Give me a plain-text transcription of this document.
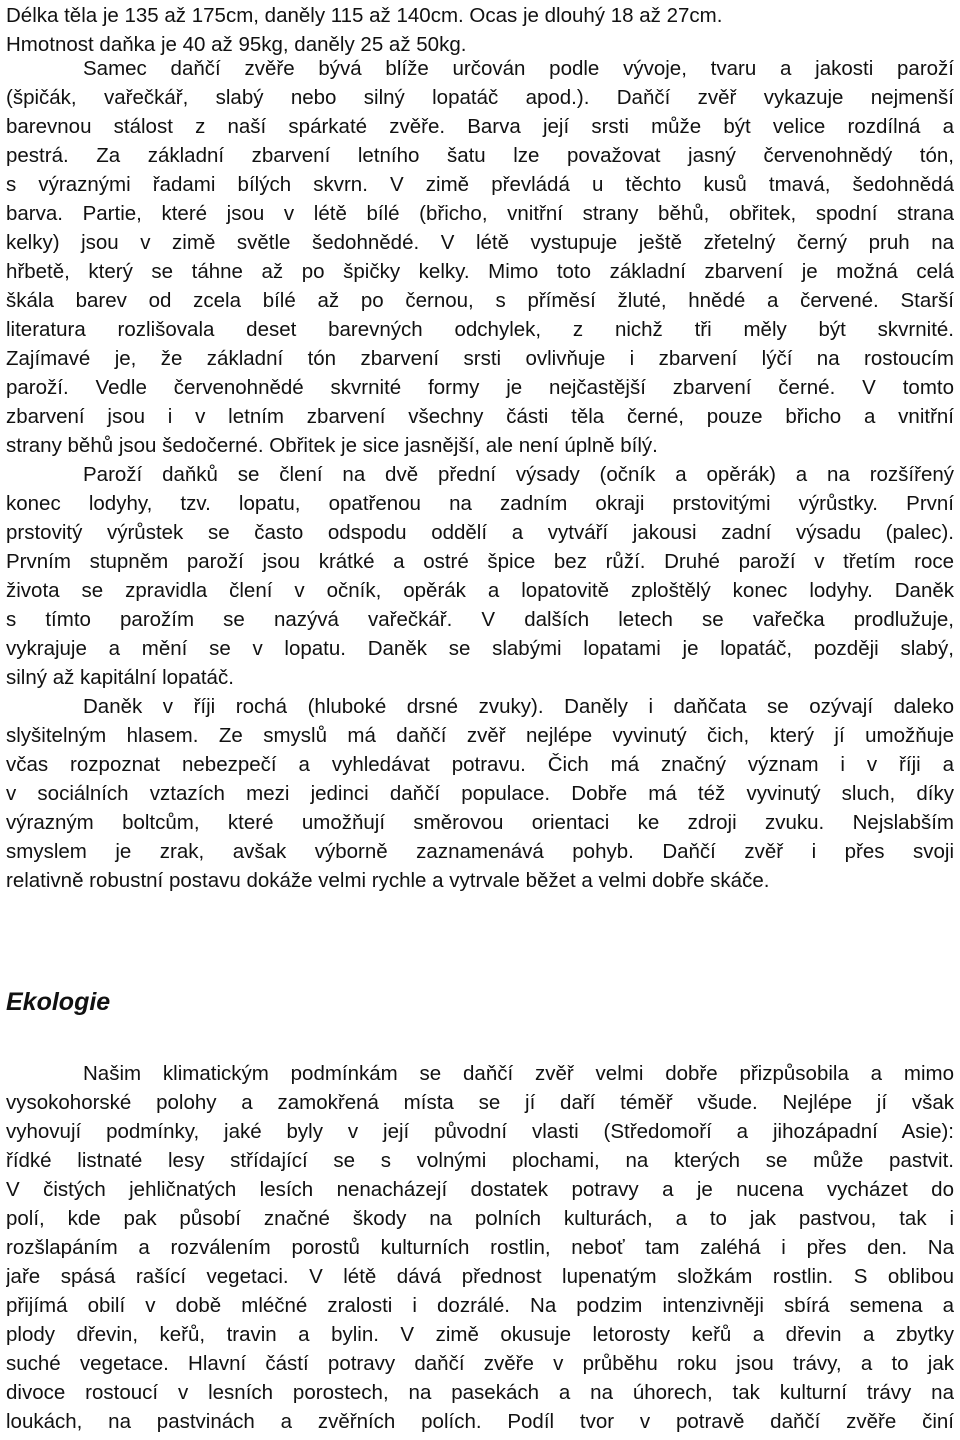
Délka těla je 135 až 175cm, daněly 115 až 140cm. Ocas je dlouhý 18 až 27cm.
Hmotnost daňka je 40 až 95kg, daněly 25 až 50kg.
Samec daňčí zvěře bývá blíže určován podle vývoje, tvaru a jakosti paroží
(špičák, vařečkář, slabý nebo silný lopatáč apod.). Daňčí zvěř vykazuje nejmenší
barevnou stálost z naší spárkaté zvěře. Barva její srsti může být velice rozdílná a
pestrá. Za základní zbarvení letního šatu lze považovat jasný červenohnědý tón,
s výraznými řadami bílých skvrn. V zimě převládá u těchto kusů tmavá, šedohnědá
barva. Partie, které jsou v létě bílé (břicho, vnitřní strany běhů, obřitek, spodní strana
kelky) jsou v zimě světle šedohnědé. V létě vystupuje ještě zřetelný černý pruh na
hřbetě, který se táhne až po špičky kelky. Mimo toto základní zbarvení je možná celá
škála barev od zcela bílé až po černou, s příměsí žluté, hnědé a červené. Starší
literatura rozlišovala deset barevných odchylek, z nichž tři měly být skvrnité.
Zajímavé je, že základní tón zbarvení srsti ovlivňuje i zbarvení lýčí na rostoucím
paroží. Vedle červenohnědé skvrnité formy je nejčastější zbarvení černé. V tomto
zbarvení jsou i v letním zbarvení všechny části těla černé, pouze břicho a vnitřní
strany běhů jsou šedočerné. Obřitek je sice jasnější, ale není úplně bílý.
Paroží daňků se člení na dvě přední výsady (očník a opěrák) a na rozšířený
konec lodyhy, tzv. lopatu, opatřenou na zadním okraji prstovitými výrůstky. První
prstovitý výrůstek se často odspodu oddělí a vytváří jakousi zadní výsadu (palec).
Prvním stupněm paroží jsou krátké a ostré špice bez růží. Druhé paroží v třetím roce
života se zpravidla člení v očník, opěrák a lopatovitě zploštělý konec lodyhy. Daněk
s tímto parožím se nazývá vařečkář. V dalších letech se vařečka prodlužuje,
vykrajuje a mění se v lopatu. Daněk se slabými lopatami je lopatáč, později slabý,
silný až kapitální lopatáč.
Daněk v říji rochá (hluboké drsné zvuky). Daněly i daňčata se ozývají daleko
slyšitelným hlasem. Ze smyslů má daňčí zvěř nejlépe vyvinutý čich, který jí umožňuje
včas rozpoznat nebezpečí a vyhledávat potravu. Čich má značný význam i v říji a
v sociálních vztazích mezi jedinci daňčí populace. Dobře má též vyvinutý sluch, díky
výrazným boltcům, které umožňují směrovou orientaci ke zdroji zvuku. Nejslabším
smyslem je zrak, avšak výborně zaznamenává pohyb. Daňčí zvěř i přes svoji
relativně robustní postavu dokáže velmi rychle a vytrvale běžet a velmi dobře skáče.
Ekologie
Našim klimatickým podmínkám se daňčí zvěř velmi dobře přizpůsobila a mimo
vysokohorské polohy a zamokřená místa se jí daří téměř všude. Nejlépe jí však
vyhovují podmínky, jaké byly v její původní vlasti (Středomoří a jihozápadní Asie):
řídké listnaté lesy střídající se s volnými plochami, na kterých se může pastvit.
V čistých jehličnatých lesích nenacházejí dostatek potravy a je nucena vycházet do
polí, kde pak působí značné škody na polních kulturách, a to jak pastvou, tak i
rozšlapáním a rozválením porostů kulturních rostlin, neboť tam zaléhá i přes den. Na
jaře spásá rašící vegetaci. V létě dává přednost lupenatým složkám rostlin. S oblibou
přijímá obilí v době mléčné zralosti i dozrálé. Na podzim intenzivněji sbírá semena a
plody dřevin, keřů, travin a bylin. V zimě okusuje letorosty keřů a dřevin a zbytky
suché vegetace. Hlavní částí potravy daňčí zvěře v průběhu roku jsou trávy, a to jak
divoce rostoucí v lesních porostech, na pasekách a na úhorech, tak kulturní trávy na
loukách, na pastvinách a zvěřních polích. Podíl tvor v potravě daňčí zvěře činí
